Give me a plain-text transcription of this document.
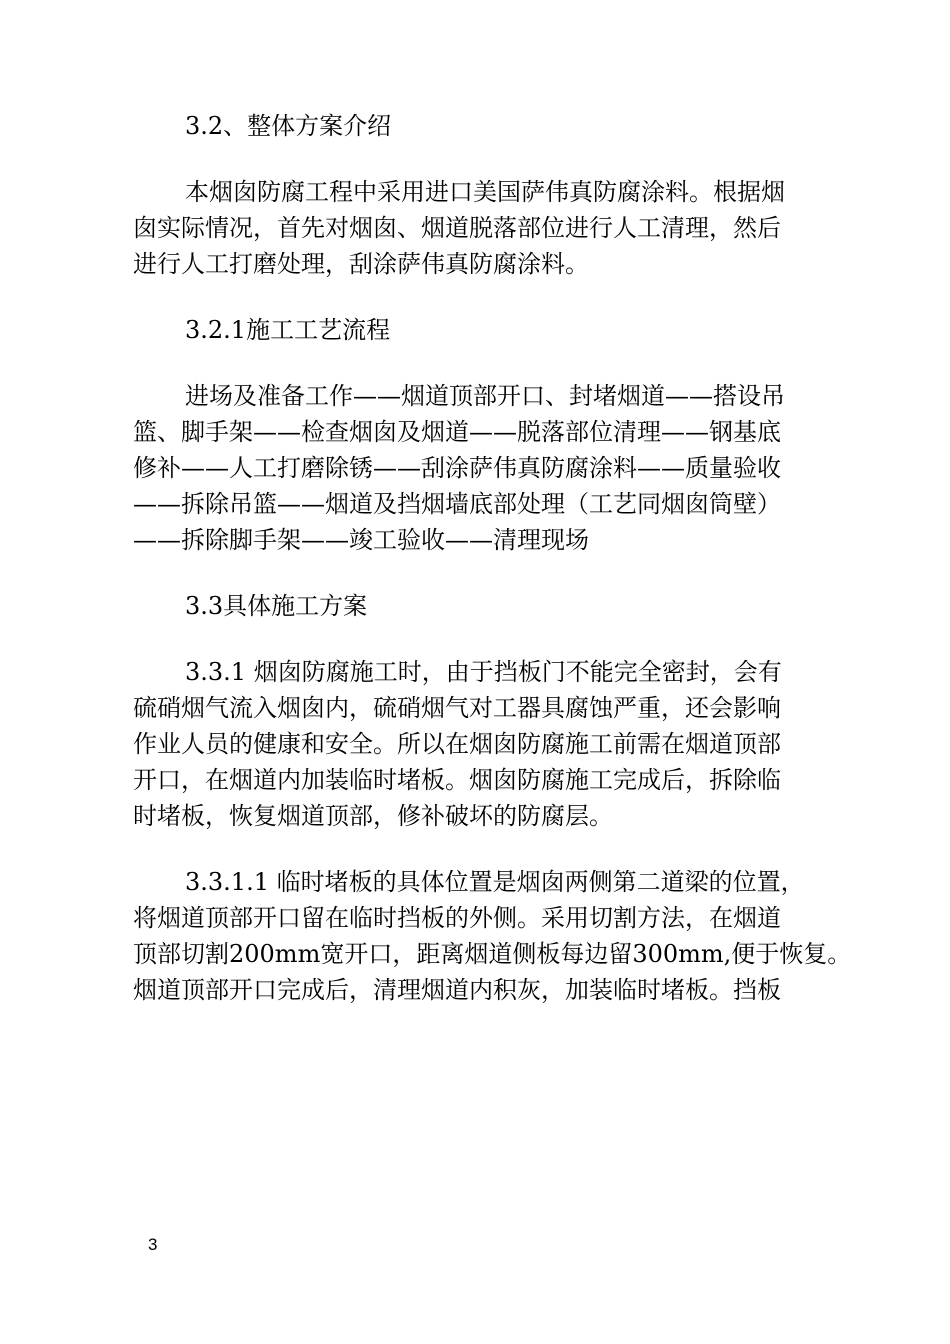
3.2、整体方案介绍
本烟囱防腐工程中采用进口美国萨伟真防腐涂料。根据烟
囱实际情况，首先对烟囱、烟道脱落部位进行人工清理，然后
进行人工打磨处理，刮涂萨伟真防腐涂料。
3.2.1施工工艺流程
进场及准备工作——烟道顶部开口、封堵烟道——搭设吊
篮、脚手架——检查烟囱及烟道——脱落部位清理——钢基底
修补——人工打磨除锈——刮涂萨伟真防腐涂料——质量验收
——拆除吊篮——烟道及挡烟墙底部处理（工艺同烟囱筒壁）
——拆除脚手架——竣工验收——清理现场
3.3具体施工方案
3.3.1 烟囱防腐施工时，由于挡板门不能完全密封，会有
硫硝烟气流入烟囱内，硫硝烟气对工器具腐蚀严重，还会影响
作业人员的健康和安全。所以在烟囱防腐施工前需在烟道顶部
开口，在烟道内加装临时堵板。烟囱防腐施工完成后，拆除临
时堵板，恢复烟道顶部，修补破坏的防腐层。
3.3.1.1 临时堵板的具体位置是烟囱两侧第二道梁的位置，
将烟道顶部开口留在临时挡板的外侧。采用切割方法，在烟道
顶部切割200mm宽开口，距离烟道侧板每边留300mm,便于恢复。
烟道顶部开口完成后，清理烟道内积灰，加装临时堵板。挡板
3
